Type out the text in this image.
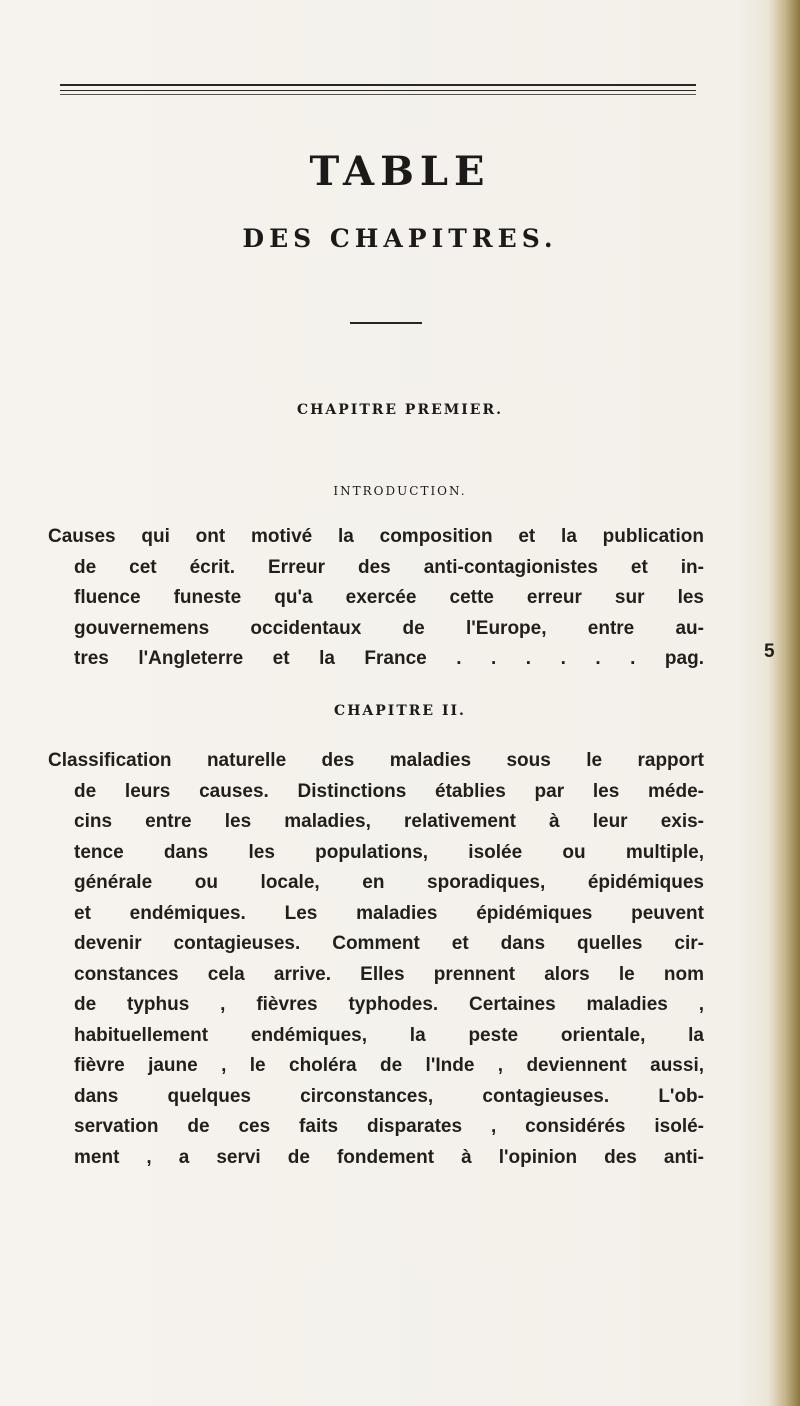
TABLE
DES CHAPITRES.
CHAPITRE PREMIER.
INTRODUCTION.
Causes qui ont motivé la composition et la publication
de cet écrit. Erreur des anti-contagionistes et in-
fluence funeste qu'a exercée cette erreur sur les
gouvernemens occidentaux de l'Europe, entre au-
tres l'Angleterre et la France . . . . . . pag.	5
CHAPITRE II.
Classification naturelle des maladies sous le rapport
de leurs causes. Distinctions établies par les méde-
cins entre les maladies, relativement à leur exis-
tence dans les populations, isolée ou multiple,
générale ou locale, en sporadiques, épidémiques
et endémiques. Les maladies épidémiques peuvent
devenir contagieuses. Comment et dans quelles cir-
constances cela arrive. Elles prennent alors le nom
de typhus , fièvres typhodes. Certaines maladies ,
habituellement endémiques, la peste orientale, la
fièvre jaune , le choléra de l'Inde , deviennent aussi,
dans quelques circonstances, contagieuses. L'ob-
servation de ces faits disparates , considérés isolé-
ment , a servi de fondement à l'opinion des anti-
